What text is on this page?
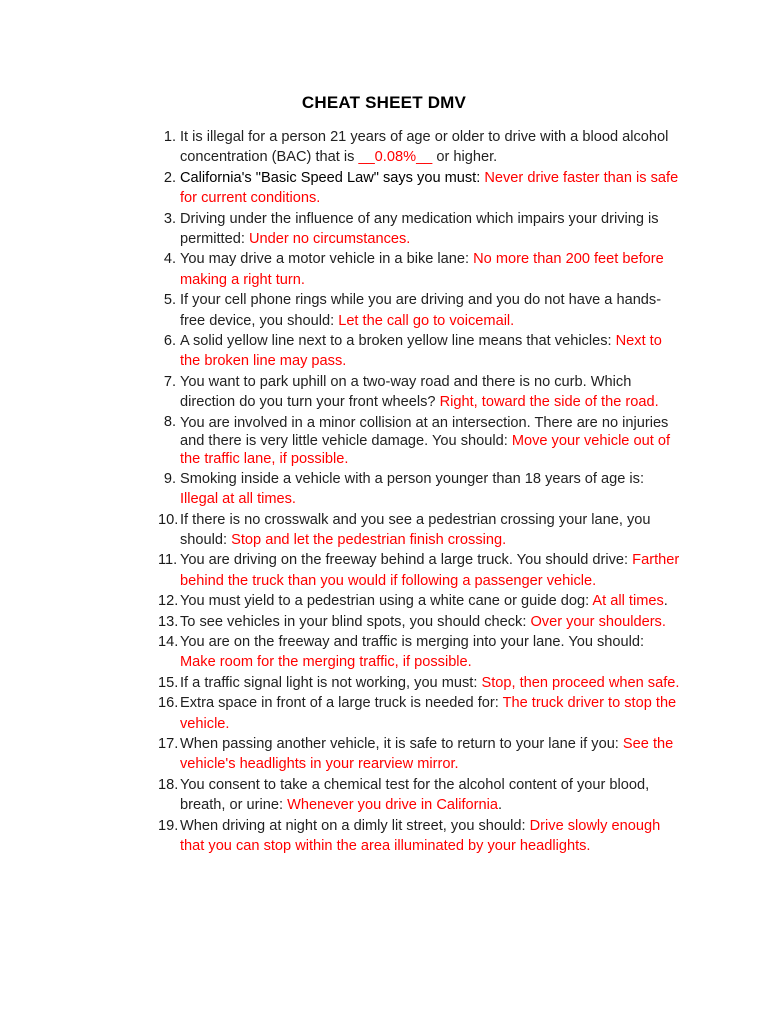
CHEAT SHEET DMV
1. It is illegal for a person 21 years of age or older to drive with a blood alcohol concentration (BAC) that is __0.08%__ or higher.
2. California's "Basic Speed Law" says you must: Never drive faster than is safe for current conditions.
3. Driving under the influence of any medication which impairs your driving is permitted: Under no circumstances.
4. You may drive a motor vehicle in a bike lane: No more than 200 feet before making a right turn.
5. If your cell phone rings while you are driving and you do not have a hands-free device, you should: Let the call go to voicemail.
6. A solid yellow line next to a broken yellow line means that vehicles: Next to the broken line may pass.
7. You want to park uphill on a two-way road and there is no curb. Which direction do you turn your front wheels? Right, toward the side of the road.
8. You are involved in a minor collision at an intersection. There are no injuries and there is very little vehicle damage. You should: Move your vehicle out of the traffic lane, if possible.
9. Smoking inside a vehicle with a person younger than 18 years of age is: Illegal at all times.
10. If there is no crosswalk and you see a pedestrian crossing your lane, you should: Stop and let the pedestrian finish crossing.
11. You are driving on the freeway behind a large truck. You should drive: Farther behind the truck than you would if following a passenger vehicle.
12. You must yield to a pedestrian using a white cane or guide dog: At all times.
13. To see vehicles in your blind spots, you should check: Over your shoulders.
14. You are on the freeway and traffic is merging into your lane. You should: Make room for the merging traffic, if possible.
15. If a traffic signal light is not working, you must: Stop, then proceed when safe.
16. Extra space in front of a large truck is needed for: The truck driver to stop the vehicle.
17. When passing another vehicle, it is safe to return to your lane if you: See the vehicle's headlights in your rearview mirror.
18. You consent to take a chemical test for the alcohol content of your blood, breath, or urine: Whenever you drive in California.
19. When driving at night on a dimly lit street, you should: Drive slowly enough that you can stop within the area illuminated by your headlights.
